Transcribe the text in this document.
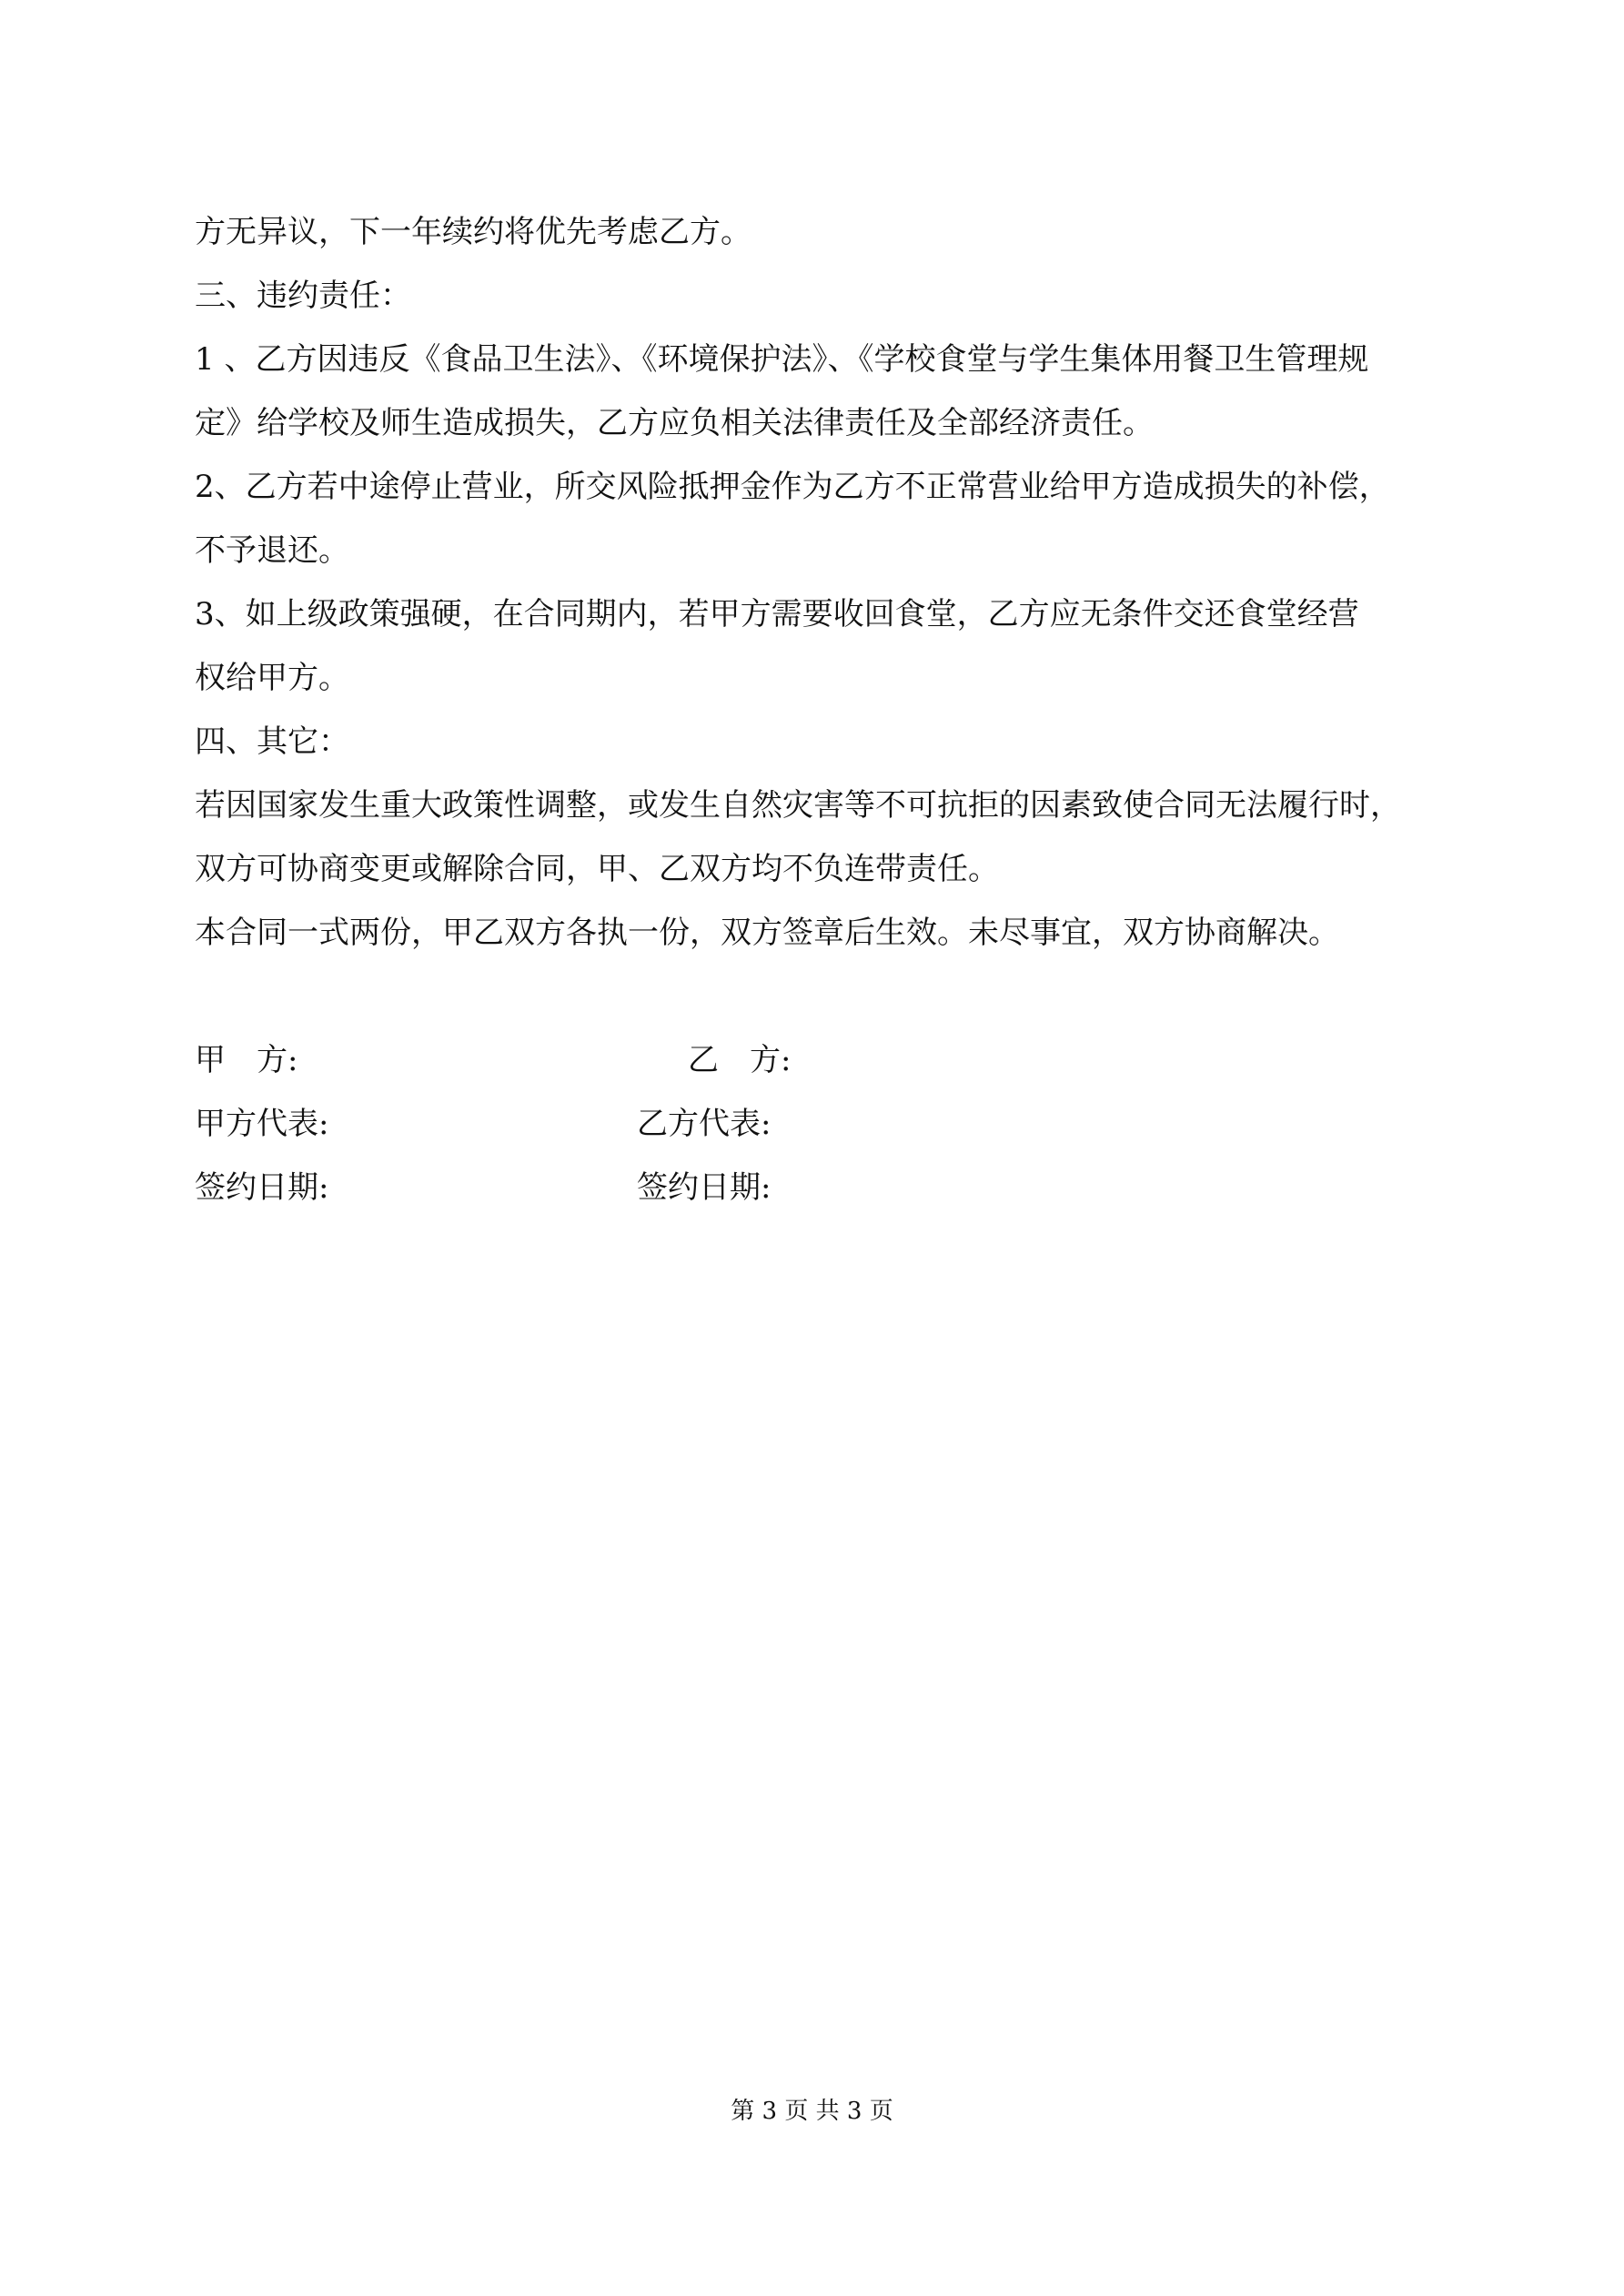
方无异议，下一年续约将优先考虑乙方。

三、违约责任：

1 、乙方因违反《食品卫生法》、《环境保护法》、《学校食堂与学生集体用餐卫生管理规

定》给学校及师生造成损失，乙方应负相关法律责任及全部经济责任。

2、乙方若中途停止营业，所交风险抵押金作为乙方不正常营业给甲方造成损失的补偿，

不予退还。

3、如上级政策强硬，在合同期内，若甲方需要收回食堂，乙方应无条件交还食堂经营

权给甲方。

四、其它：

若因国家发生重大政策性调整，或发生自然灾害等不可抗拒的因素致使合同无法履行时，

双方可协商变更或解除合同，甲、乙双方均不负连带责任。

本合同一式两份，甲乙双方各执一份，双方签章后生效。未尽事宜，双方协商解决。

甲　方:	乙　方:
甲方代表:	乙方代表:
签约日期:	签约日期:
第 3 页 共 3 页
